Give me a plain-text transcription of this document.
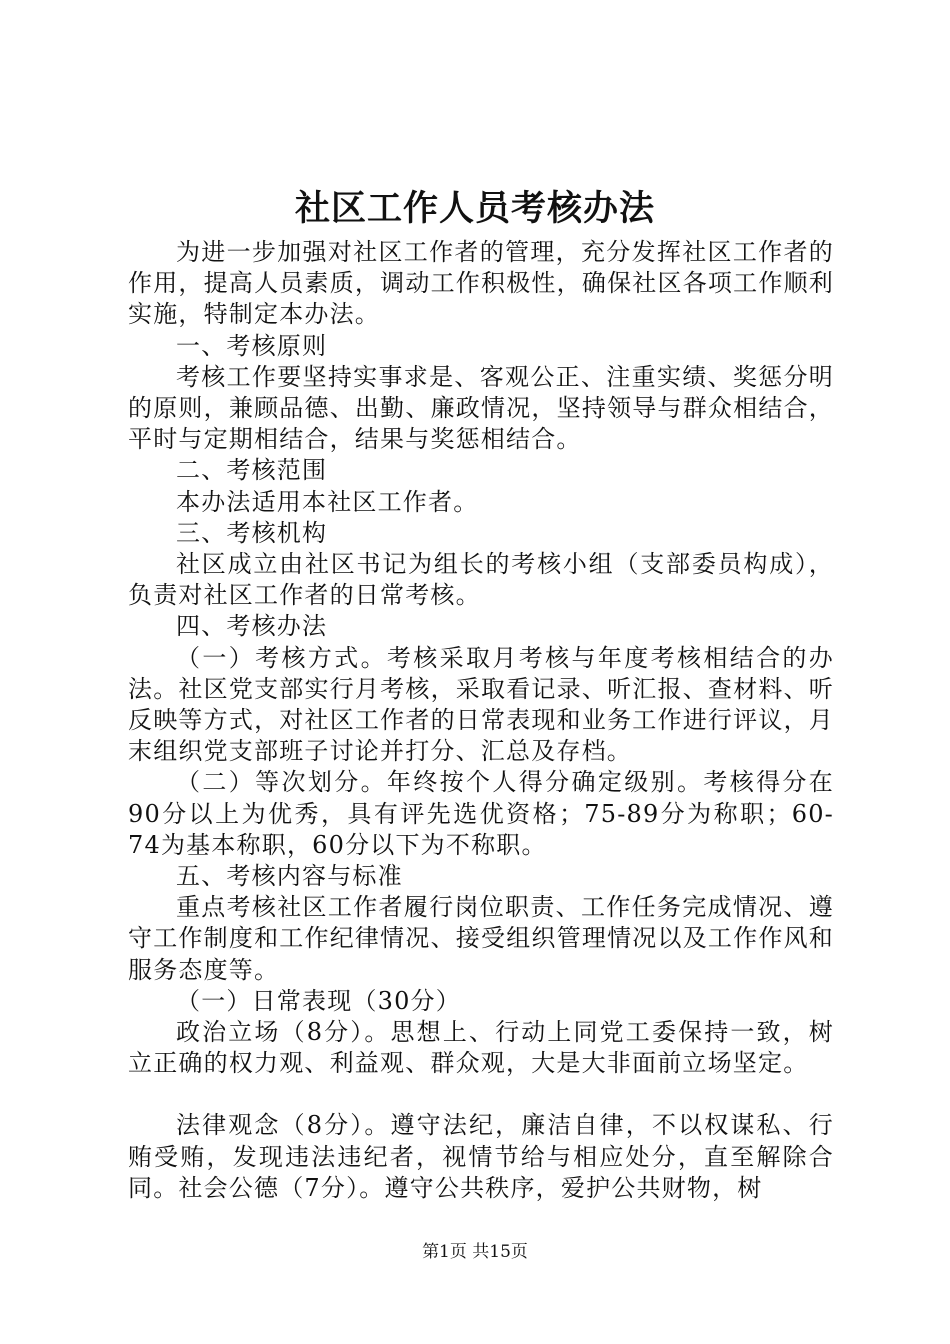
社区工作人员考核办法

为进一步加强对社区工作者的管理，充分发挥社区工作者的作用，提高人员素质，调动工作积极性，确保社区各项工作顺利实施，特制定本办法。

一、考核原则

考核工作要坚持实事求是、客观公正、注重实绩、奖惩分明的原则，兼顾品德、出勤、廉政情况，坚持领导与群众相结合，平时与定期相结合，结果与奖惩相结合。

二、考核范围

本办法适用本社区工作者。

三、考核机构

社区成立由社区书记为组长的考核小组（支部委员构成），负责对社区工作者的日常考核。

四、考核办法

（一）考核方式。考核采取月考核与年度考核相结合的办法。社区党支部实行月考核，采取看记录、听汇报、查材料、听反映等方式，对社区工作者的日常表现和业务工作进行评议，月末组织党支部班子讨论并打分、汇总及存档。

（二）等次划分。年终按个人得分确定级别。考核得分在90分以上为优秀，具有评先选优资格；75-89分为称职；60-74为基本称职，60分以下为不称职。

五、考核内容与标准

重点考核社区工作者履行岗位职责、工作任务完成情况、遵守工作制度和工作纪律情况、接受组织管理情况以及工作作风和服务态度等。

（一）日常表现（30分）

政治立场（8分）。思想上、行动上同党工委保持一致，树立正确的权力观、利益观、群众观，大是大非面前立场坚定。

法律观念（8分）。遵守法纪，廉洁自律，不以权谋私、行贿受贿，发现违法违纪者，视情节给与相应处分，直至解除合同。社会公德（7分）。遵守公共秩序，爱护公共财物，树

第1页 共15页
